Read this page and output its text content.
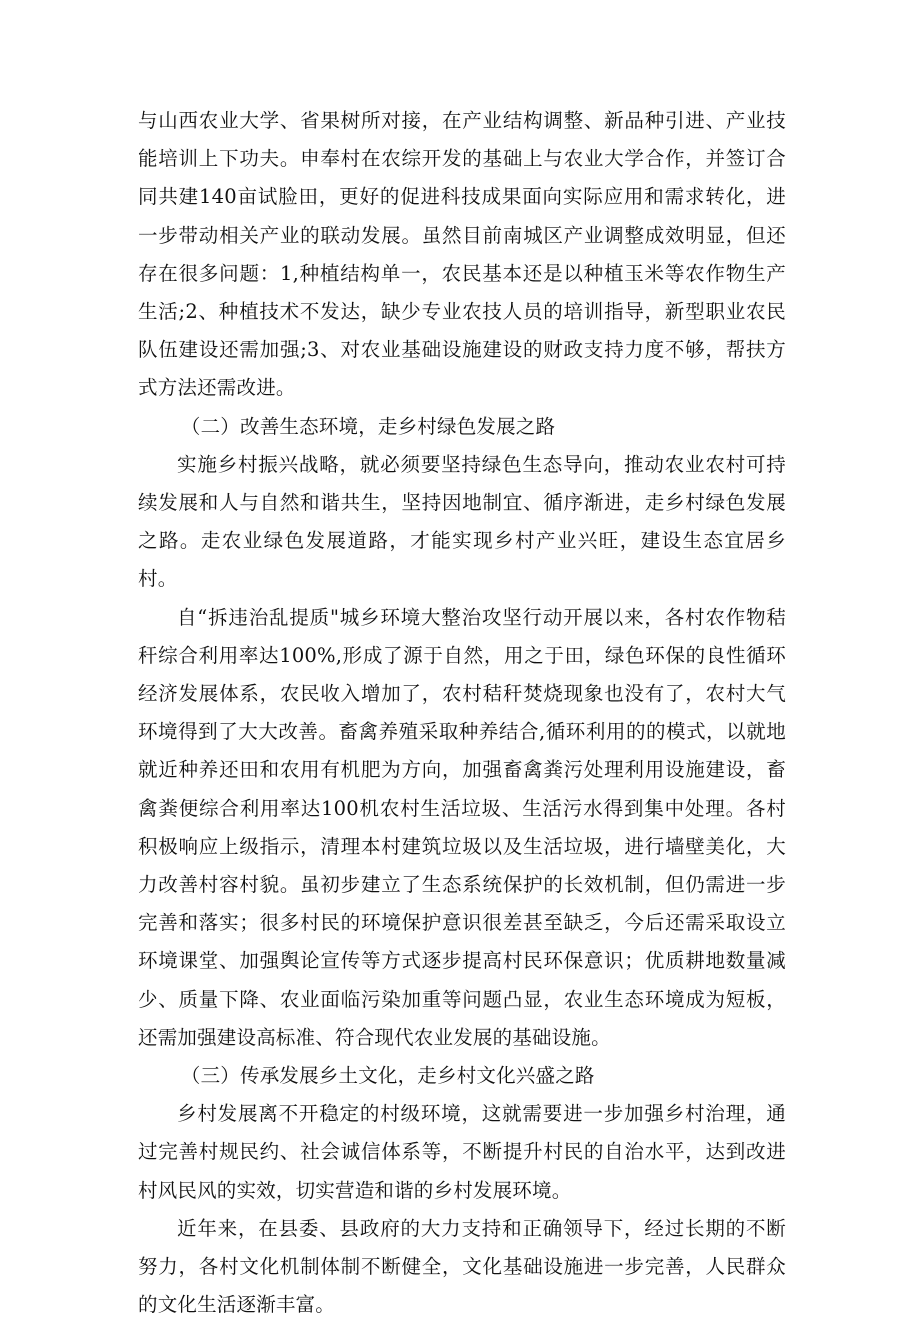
与山西农业大学、省果树所对接，在产业结构调整、新品种引进、产业技能培训上下功夫。申奉村在农综开发的基础上与农业大学合作，并签订合同共建140亩试脸田，更好的促进科技成果面向实际应用和需求转化，进一步带动相关产业的联动发展。虽然目前南城区产业调整成效明显，但还存在很多问题：1,种植结构单一，农民基本还是以种植玉米等农作物生产生活;2、种植技术不发达，缺少专业农技人员的培训指导，新型职业农民队伍建设还需加强;3、对农业基础设施建设的财政支持力度不够，帮扶方式方法还需改进。

（二）改善生态环境，走乡村绿色发展之路

实施乡村振兴战略，就必须要坚持绿色生态导向，推动农业农村可持续发展和人与自然和谐共生，坚持因地制宜、循序渐进，走乡村绿色发展之路。走农业绿色发展道路，才能实现乡村产业兴旺，建设生态宜居乡村。

自“拆违治乱提质"城乡环境大整治攻坚行动开展以来，各村农作物秸秆综合利用率达100%,形成了源于自然，用之于田，绿色环保的良性循环经济发展体系，农民收入增加了，农村秸秆焚烧现象也没有了，农村大气环境得到了大大改善。畜禽养殖采取种养结合,循环利用的的模式，以就地就近种养还田和农用有机肥为方向，加强畜禽粪污处理利用设施建设，畜禽粪便综合利用率达100机农村生活垃圾、生活污水得到集中处理。各村积极响应上级指示，清理本村建筑垃圾以及生活垃圾，进行墙壁美化，大力改善村容村貌。虽初步建立了生态系统保护的长效机制，但仍需进一步完善和落实；很多村民的环境保护意识很差甚至缺乏，今后还需采取设立环境课堂、加强舆论宣传等方式逐步提高村民环保意识；优质耕地数量减少、质量下降、农业面临污染加重等问题凸显，农业生态环境成为短板，还需加强建设高标准、符合现代农业发展的基础设施。

（三）传承发展乡土文化，走乡村文化兴盛之路

乡村发展离不开稳定的村级环境，这就需要进一步加强乡村治理，通过完善村规民约、社会诚信体系等，不断提升村民的自治水平，达到改进村风民风的实效，切实营造和谐的乡村发展环境。

近年来，在县委、县政府的大力支持和正确领导下，经过长期的不断努力，各村文化机制体制不断健全，文化基础设施进一步完善，人民群众的文化生活逐渐丰富。
